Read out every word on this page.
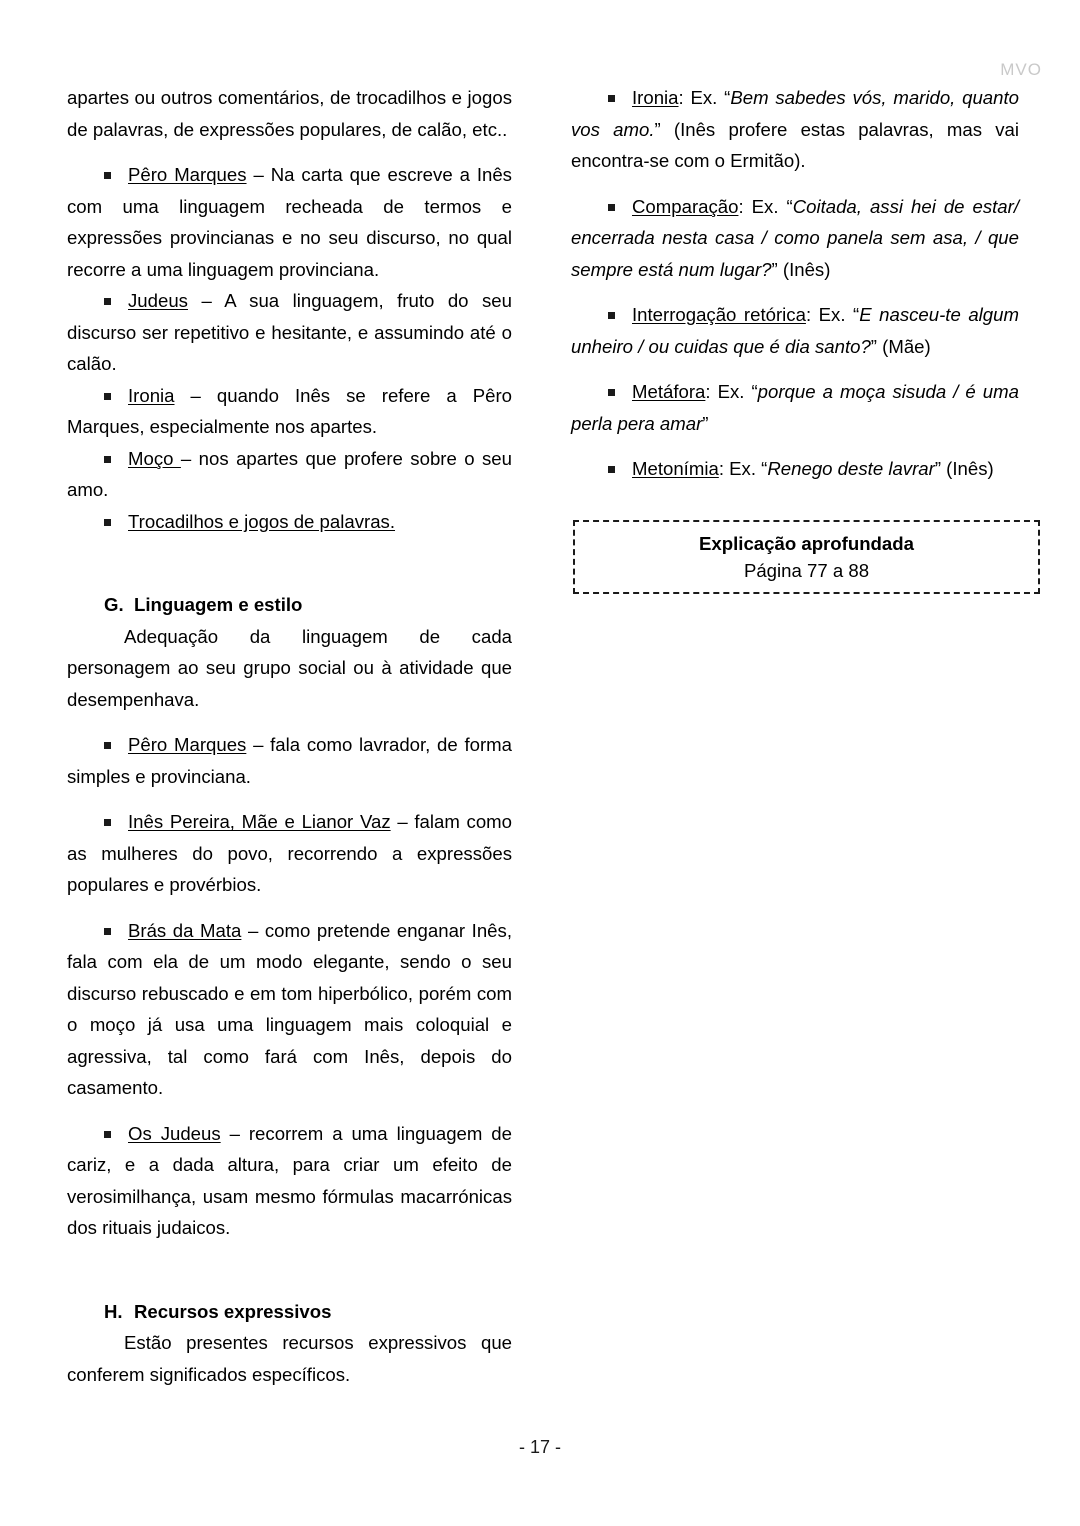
MVO

apartes ou outros comentários, de trocadilhos e jogos de palavras, de expressões populares, de calão, etc..

Pêro Marques – Na carta que escreve a Inês com uma linguagem recheada de termos e expressões provincianas e no seu discurso, no qual recorre a uma linguagem provinciana.

Judeus – A sua linguagem, fruto do seu discurso ser repetitivo e hesitante, e assumindo até o calão.

Ironia – quando Inês se refere a Pêro Marques, especialmente nos apartes.

Moço – nos apartes que profere sobre o seu amo.

Trocadilhos e jogos de palavras.

G. Linguagem e estilo

Adequação da linguagem de cada personagem ao seu grupo social ou à atividade que desempenhava.

Pêro Marques – fala como lavrador, de forma simples e provinciana.

Inês Pereira, Mãe e Lianor Vaz – falam como as mulheres do povo, recorrendo a expressões populares e provérbios.

Brás da Mata – como pretende enganar Inês, fala com ela de um modo elegante, sendo o seu discurso rebuscado e em tom hiperbólico, porém com o moço já usa uma linguagem mais coloquial e agressiva, tal como fará com Inês, depois do casamento.

Os Judeus – recorrem a uma linguagem de cariz, e a dada altura, para criar um efeito de verosimilhança, usam mesmo fórmulas macarrónicas dos rituais judaicos.

H. Recursos expressivos

Estão presentes recursos expressivos que conferem significados específicos.

Ironia: Ex. “Bem sabedes vós, marido, quanto vos amo.” (Inês profere estas palavras, mas vai encontra-se com o Ermitão).

Comparação: Ex. “Coitada, assi hei de estar/ encerrada nesta casa / como panela sem asa, / que sempre está num lugar?” (Inês)

Interrogação retórica: Ex. “E nasceu-te algum unheiro / ou cuidas que é dia santo?” (Mãe)

Metáfora: Ex. “porque a moça sisuda / é uma perla pera amar”

Metonímia: Ex. “Renego deste lavrar” (Inês)

Explicação aprofundada
Página 77 a 88
- 17 -
